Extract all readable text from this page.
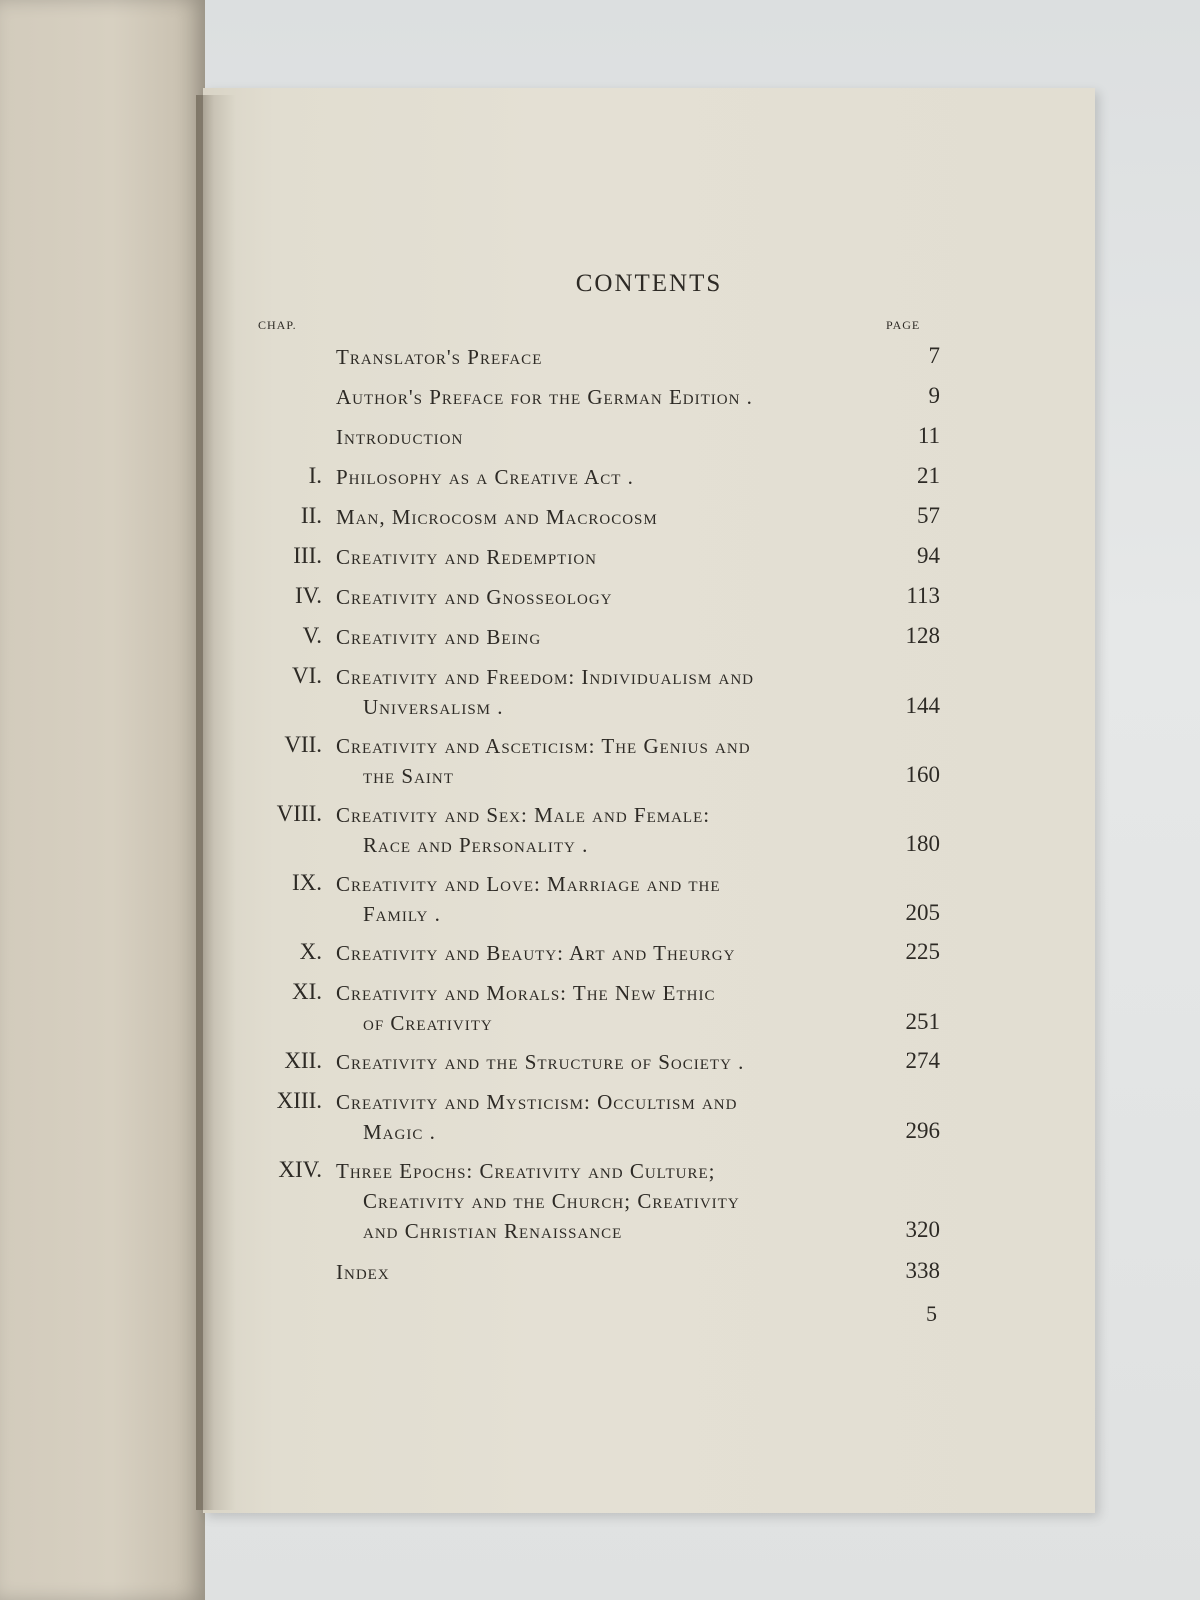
CONTENTS
CHAP.	PAGE
Translator's Preface	7
Author's Preface for the German Edition .	9
Introduction	11
I. Philosophy as a Creative Act .	21
II. Man, Microcosm and Macrocosm	57
III. Creativity and Redemption	94
IV. Creativity and Gnosseology	113
V. Creativity and Being	128
VI. Creativity and Freedom: Individualism and
Universalism .	144
VII. Creativity and Asceticism: The Genius and
the Saint	160
VIII. Creativity and Sex: Male and Female:
Race and Personality .	180
IX. Creativity and Love: Marriage and the
Family .	205
X. Creativity and Beauty: Art and Theurgy	225
XI. Creativity and Morals: The New Ethic
of Creativity	251
XII. Creativity and the Structure of Society .	274
XIII. Creativity and Mysticism: Occultism and
Magic .	296
XIV. Three Epochs: Creativity and Culture;
Creativity and the Church; Creativity
and Christian Renaissance	320
Index	338
5
